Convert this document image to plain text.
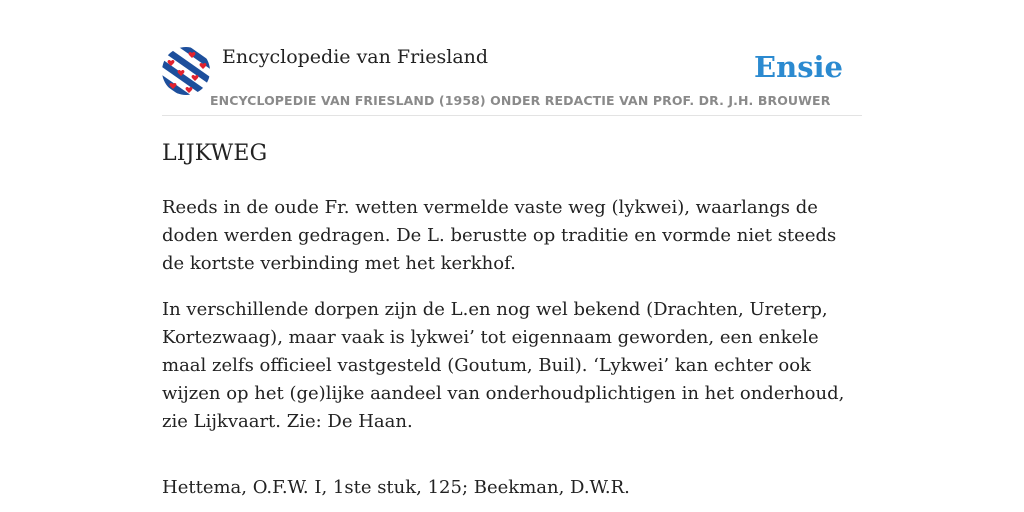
Encyclopedie van Friesland
ENCYCLOPEDIE VAN FRIESLAND (1958) ONDER REDACTIE VAN PROF. DR. J.H. BROUWER
Ensie
LIJKWEG

Reeds in de oude Fr. wetten vermelde vaste weg (lykwei), waarlangs de doden werden gedragen. De L. berustte op traditie en vormde niet steeds de kortste verbinding met het kerkhof.

In verschillende dorpen zijn de L.en nog wel bekend (Drachten, Ureterp, Kortezwaag), maar vaak is lykwei’ tot eigennaam geworden, een enkele maal zelfs officieel vastgesteld (Goutum, Buil). ‘Lykwei’ kan echter ook wijzen op het (ge)lijke aandeel van onderhoudplichtigen in het onderhoud, zie Lijkvaart. Zie: De Haan.

Hettema, O.F.W. I, 1ste stuk, 125; Beekman, D.W.R.
